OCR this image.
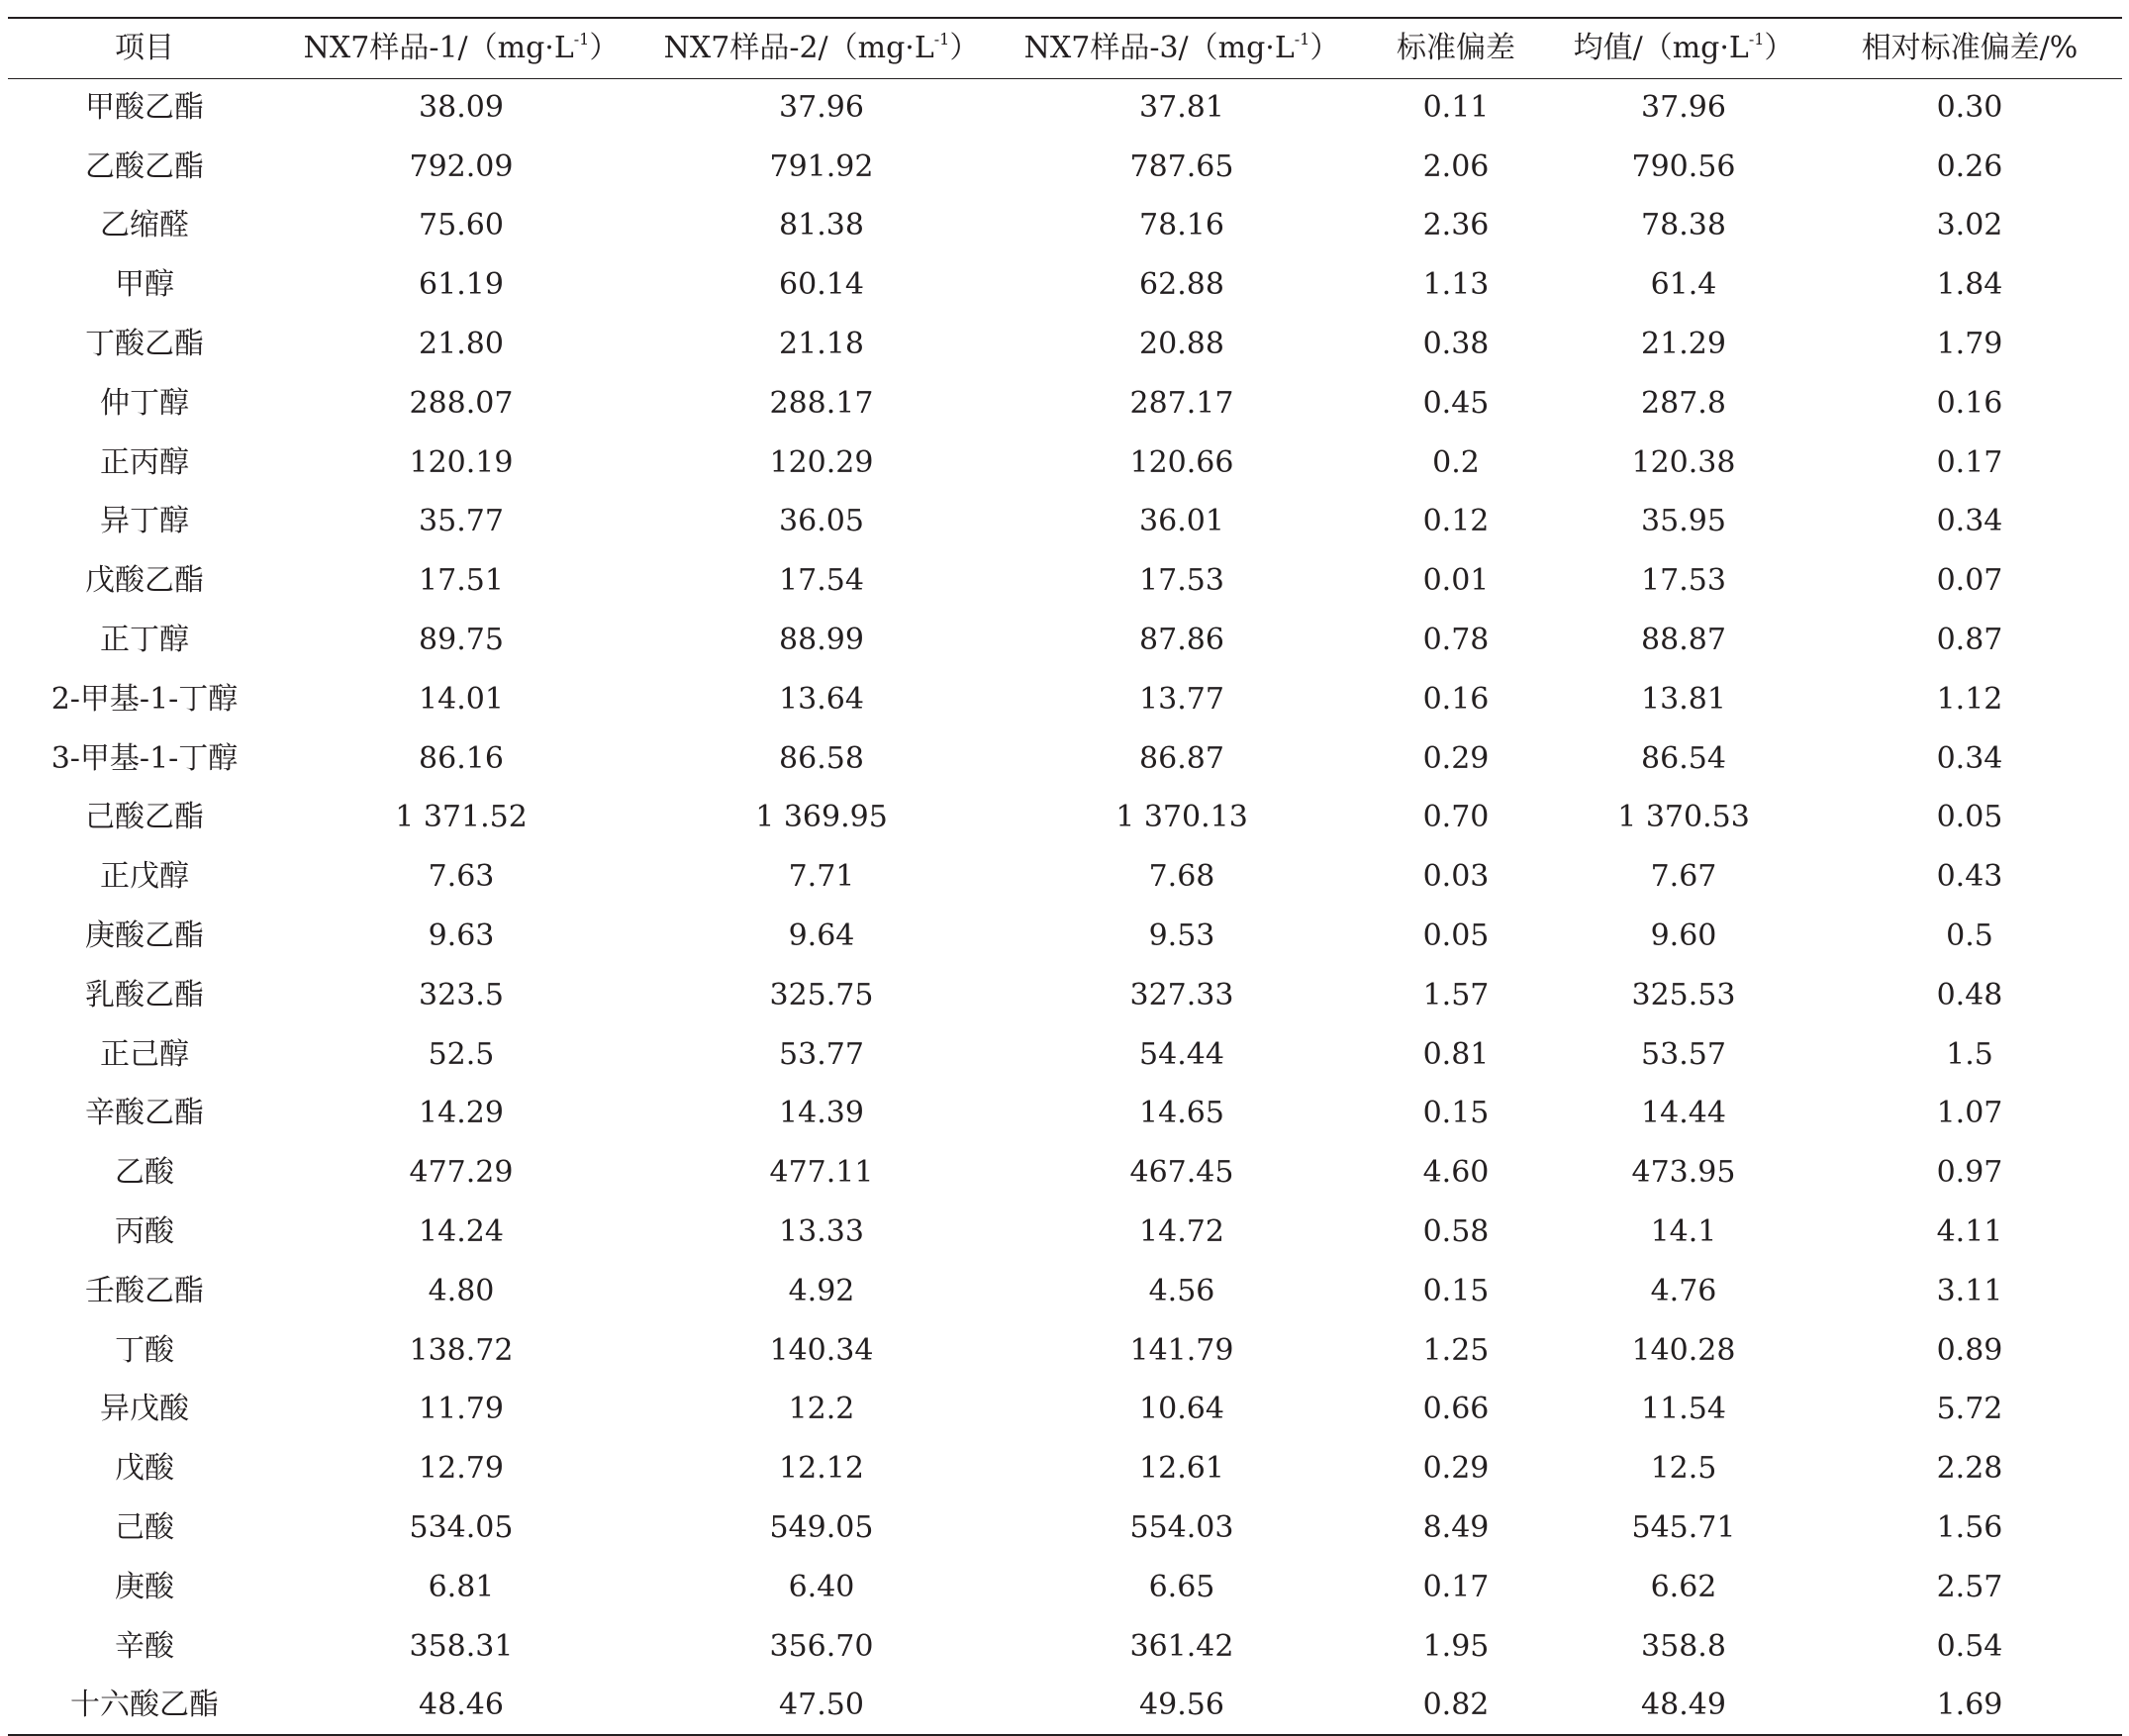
项目	NX7样品$-1/(mg\cdot L^{-1})$	NX7样品$-2/(mg\cdot L^{-1})$	NX7样品$-3/(mg\cdot L^{-1})$	标准偏差	均值$/(mg\cdot L^{-1})$	相对标准偏差/%
甲酸乙酯	38.09	37.96	37.81	0.11	37.96	0.30
乙酸乙酯	792.09	791.92	787.65	2.06	790.56	0.26
乙缩醛	75.60	81.38	78.16	2.36	78.38	3.02
甲醇	61.19	60.14	62.88	1.13	61.4	1.84
丁酸乙酯	21.80	21.18	20.88	0.38	21.29	1.79
仲丁醇	288.07	288.17	287.17	0.45	287.8	0.16
正丙醇	120.19	120.29	120.66	0.2	120.38	0.17
异丁醇	35.77	36.05	36.01	0.12	35.95	0.34
戊酸乙酯	17.51	17.54	17.53	0.01	17.53	0.07
正丁醇	89.75	88.99	87.86	0.78	88.87	0.87
2-甲基-1-丁醇	14.01	13.64	13.77	0.16	13.81	1.12
3-甲基-1-丁醇	86.16	86.58	86.87	0.29	86.54	0.34
己酸乙酯	1 371.52	1 369.95	1 370.13	0.70	1 370.53	0.05
正戊醇	7.63	7.71	7.68	0.03	7.67	0.43
庚酸乙酯	9.63	9.64	9.53	0.05	9.60	0.5
乳酸乙酯	323.5	325.75	327.33	1.57	325.53	0.48
正己醇	52.5	53.77	54.44	0.81	53.57	1.5
辛酸乙酯	14.29	14.39	14.65	0.15	14.44	1.07
乙酸	477.29	477.11	467.45	4.60	473.95	0.97
丙酸	14.24	13.33	14.72	0.58	14.1	4.11
壬酸乙酯	4.80	4.92	4.56	0.15	4.76	3.11
丁酸	138.72	140.34	141.79	1.25	140.28	0.89
异戊酸	11.79	12.2	10.64	0.66	11.54	5.72
戊酸	12.79	12.12	12.61	0.29	12.5	2.28
己酸	534.05	549.05	554.03	8.49	545.71	1.56
庚酸	6.81	6.40	6.65	0.17	6.62	2.57
辛酸	358.31	356.70	361.42	1.95	358.8	0.54
十六酸乙酯	48.46	47.50	49.56	0.82	48.49	1.69
